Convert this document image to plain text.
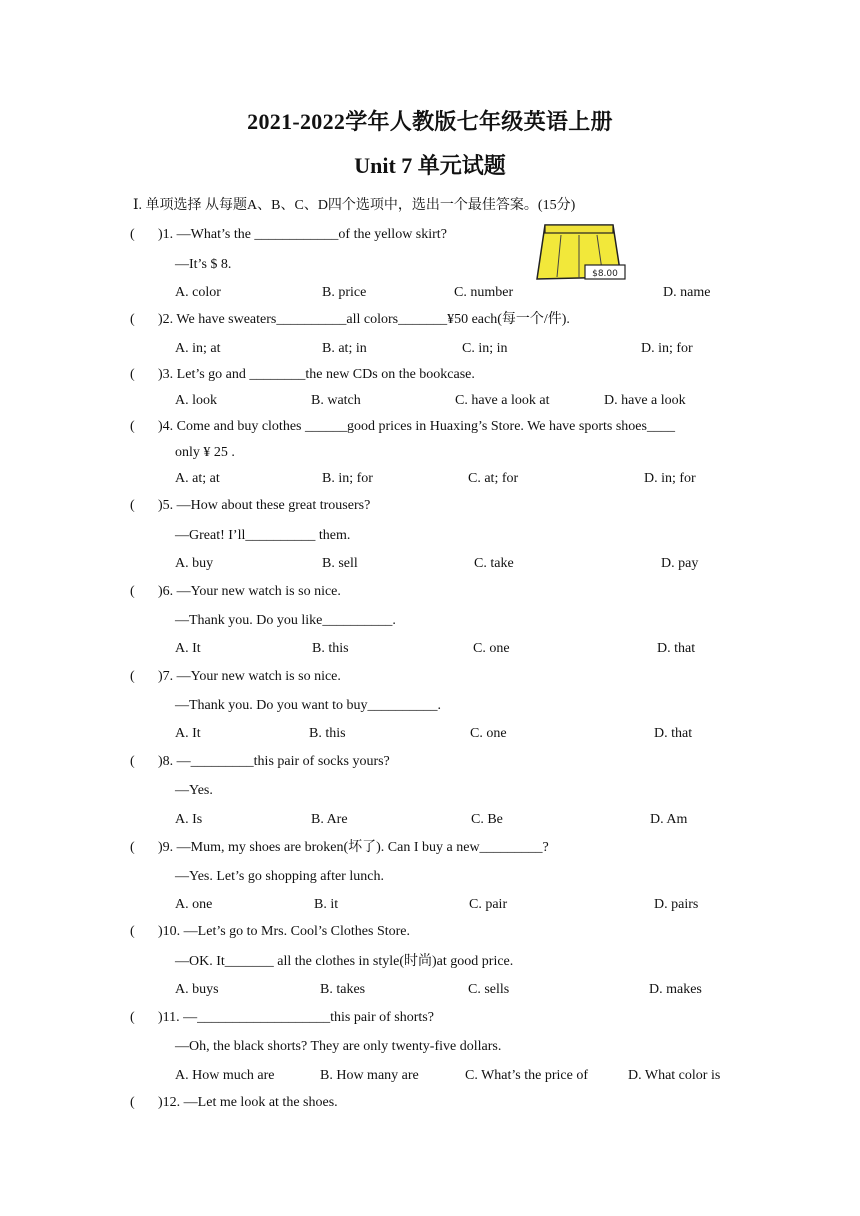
2021-2022学年人教版七年级英语上册
Unit 7 单元试题
Ⅰ. 单项选择 从每题A、B、C、D四个选项中，选出一个最佳答案。(15分)
$8.00
( )1. —What’s the ____________of the yellow skirt?
—It’s $ 8.
A. color	B. price	C. number	D. name
( )2. We have sweaters__________all colors_______¥50 each(每一个/件).
A. in; at	B. at; in	C. in; in	D. in; for
( )3. Let’s go and ________the new CDs on the bookcase.
A. look	B. watch	C. have a look at	D. have a look
( )4. Come and buy clothes ______good prices in Huaxing’s Store. We have sports shoes____
only ¥ 25 .
A. at; at	B. in; for	C. at; for	D. in; for
( )5. —How about these great trousers?
—Great! I’ll__________ them.
A. buy	B. sell	C. take	D. pay
( )6. —Your new watch is so nice.
—Thank you. Do you like__________.
A. It	B. this	C. one	D. that
( )7. —Your new watch is so nice.
—Thank you. Do you want to buy__________.
A. It	B. this	C. one	D. that
( )8. —_________this pair of socks yours?
—Yes.
A. Is	B. Are	C. Be	D. Am
( )9. —Mum, my shoes are broken(坏了). Can I buy a new_________?
—Yes. Let’s go shopping after lunch.
A. one	B. it	C. pair	D. pairs
( )10. —Let’s go to Mrs. Cool’s Clothes Store.
—OK. It_______ all the clothes in style(时尚)at good price.
A. buys	B. takes	C. sells	D. makes
( )11. —___________________this pair of shorts?
—Oh, the black shorts? They are only twenty-five dollars.
A. How much are	B. How many are	C. What’s the price of	D. What color is
( )12. —Let me look at the shoes.
